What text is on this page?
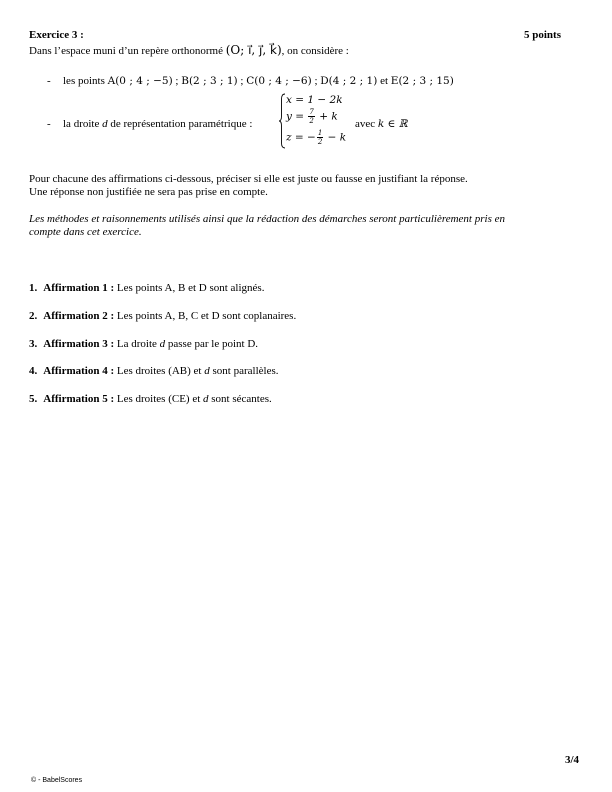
Exercice 3 :	5 points
Dans l’espace muni d’un repère orthonormé (O; i⃗, j⃗, k⃗), on considère :
- les points A(0 ; 4 ; −5) ; B(2 ; 3 ; 1) ; C(0 ; 4 ; −6) ; D(4 ; 2 ; 1) et E(2 ; 3 ; 15)
- la droite d de représentation paramétrique :
x = 1 − 2k
$y = \frac{7}{2} + k$
z = − $\frac{1}{2} - k$
avec k ∈ ℝ
Pour chacune des affirmations ci-dessous, préciser si elle est juste ou fausse en justifiant la réponse.
Une réponse non justifiée ne sera pas prise en compte.
Les méthodes et raisonnements utilisés ainsi que la rédaction des démarches seront particulièrement pris en
compte dans cet exercice.
1. Affirmation 1 : Les points A, B et D sont alignés.
2. Affirmation 2 : Les points A, B, C et D sont coplanaires.
3. Affirmation 3 : La droite d passe par le point D.
4. Affirmation 4 : Les droites (AB) et d sont parallèles.
5. Affirmation 5 : Les droites (CE) et d sont sécantes.
3/4
© - BabelScores
